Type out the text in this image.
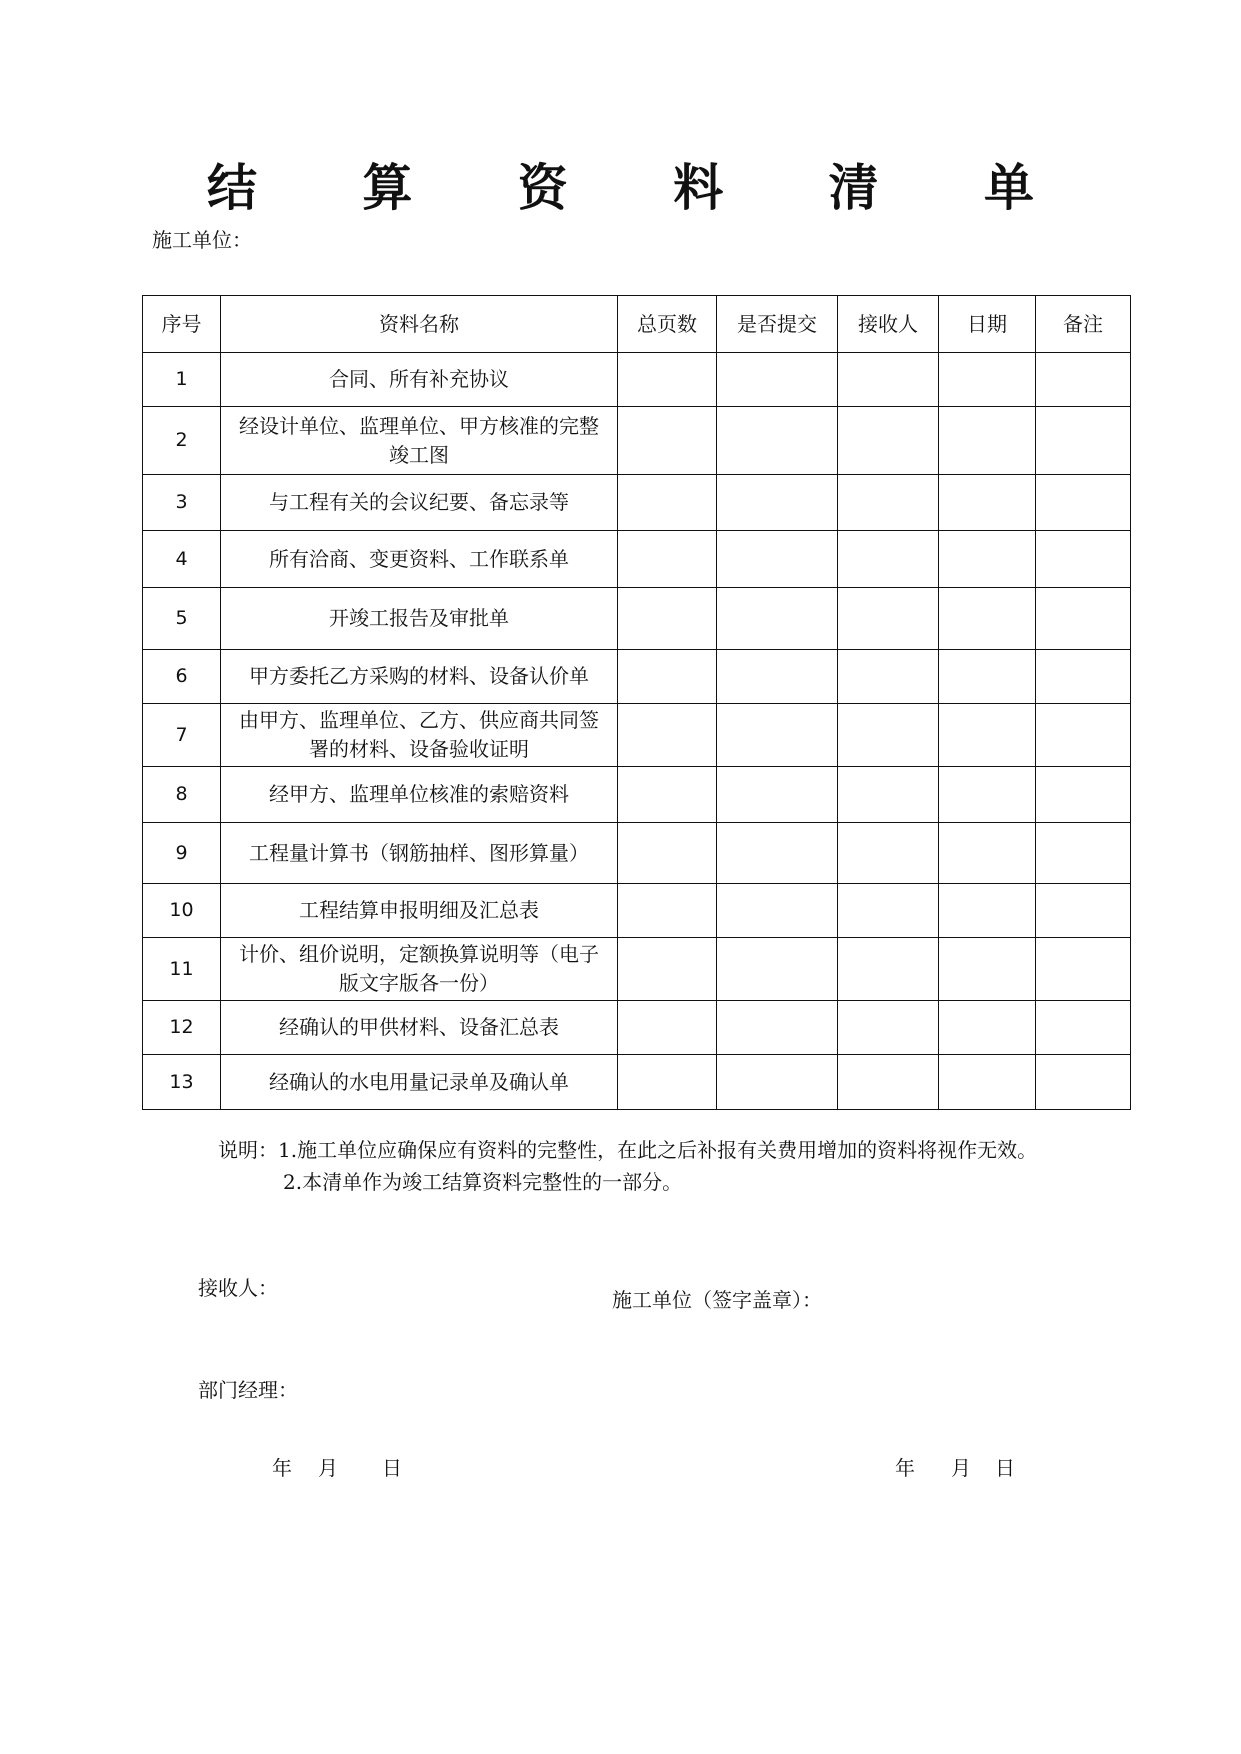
结 算 资 料 清 单
施工单位：
序号	资料名称	总页数	是否提交	接收人	日期	备注
1	合同、所有补充协议					
2	经设计单位、监理单位、甲方核准的完整竣工图					
3	与工程有关的会议纪要、备忘录等					
4	所有洽商、变更资料、工作联系单					
5	开竣工报告及审批单					
6	甲方委托乙方采购的材料、设备认价单					
7	由甲方、监理单位、乙方、供应商共同签署的材料、设备验收证明					
8	经甲方、监理单位核准的索赔资料					
9	工程量计算书（钢筋抽样、图形算量）					
10	工程结算申报明细及汇总表					
11	计价、组价说明，定额换算说明等（电子版文字版各一份）					
12	经确认的甲供材料、设备汇总表					
13	经确认的水电用量记录单及确认单					
说明：1.施工单位应确保应有资料的完整性，在此之后补报有关费用增加的资料将视作无效。
2.本清单作为竣工结算资料完整性的一部分。
接收人：	施工单位（签字盖章）：
部门经理：
年 月 日	年 月 日
